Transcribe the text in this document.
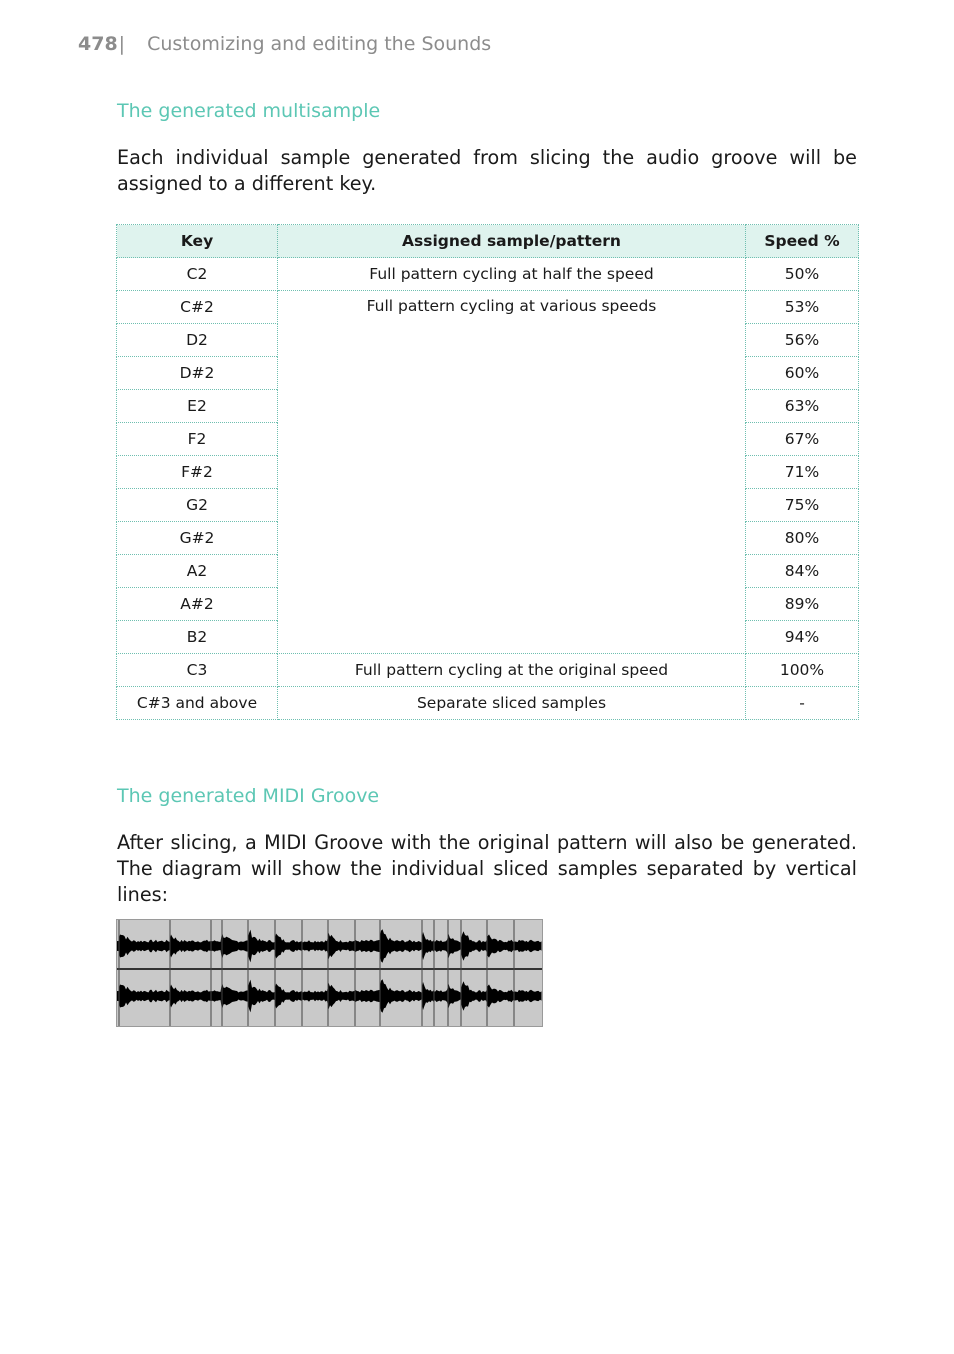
478| Customizing and editing the Sounds
The generated multisample

Each individual sample generated from slicing the audio groove will be assigned to a different key.

Key	Assigned sample/pattern	Speed %
C2	Full pattern cycling at half the speed	50%
C#2	Full pattern cycling at various speeds	53%
D2		56%
D#2		60%
E2		63%
F2		67%
F#2		71%
G2		75%
G#2		80%
A2		84%
A#2		89%
B2		94%
C3	Full pattern cycling at the original speed	100%
C#3 and above	Separate sliced samples	-
The generated MIDI Groove

After slicing, a MIDI Groove with the original pattern will also be generated. The diagram will show the individual sliced samples separated by vertical lines:
